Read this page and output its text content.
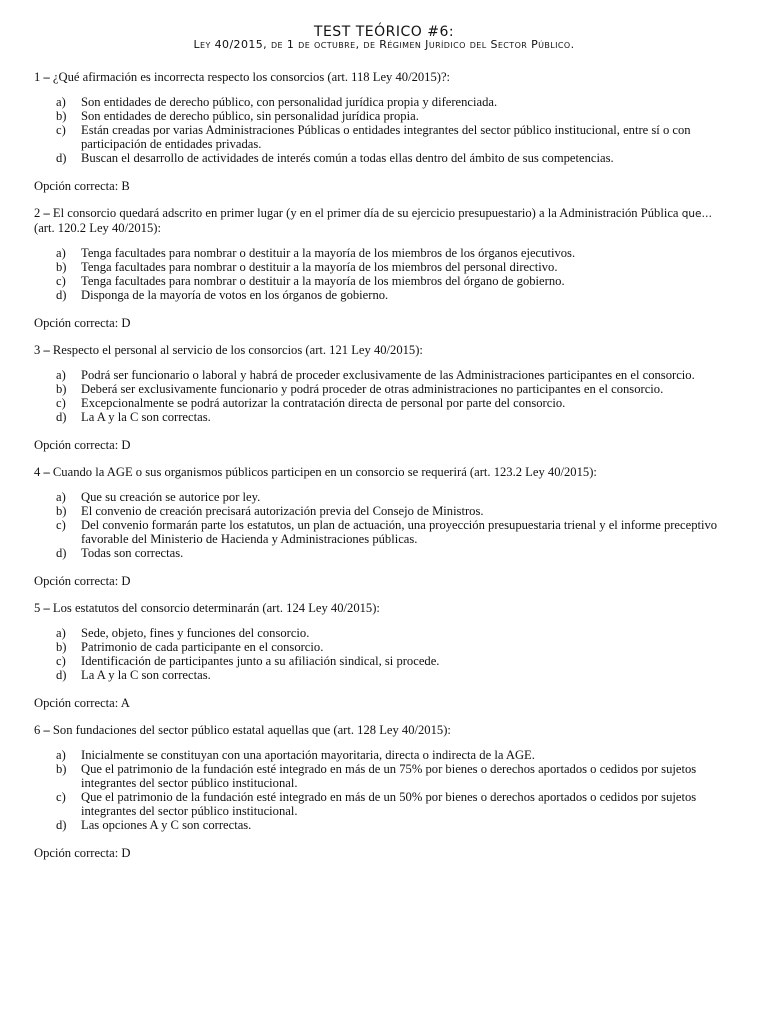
TEST TEÓRICO #6:
Ley 40/2015, de 1 de octubre, de Régimen Jurídico del Sector Público.

1 – ¿Qué afirmación es incorrecta respecto los consorcios (art. 118 Ley 40/2015)?:

a) Son entidades de derecho público, con personalidad jurídica propia y diferenciada.
b) Son entidades de derecho público, sin personalidad jurídica propia.
c) Están creadas por varias Administraciones Públicas o entidades integrantes del sector público institucional, entre sí o con participación de entidades privadas.
d) Buscan el desarrollo de actividades de interés común a todas ellas dentro del ámbito de sus competencias.

Opción correcta: B

2 – El consorcio quedará adscrito en primer lugar (y en el primer día de su ejercicio presupuestario) a la Administración Pública que…
(art. 120.2 Ley 40/2015):

a) Tenga facultades para nombrar o destituir a la mayoría de los miembros de los órganos ejecutivos.
b) Tenga facultades para nombrar o destituir a la mayoría de los miembros del personal directivo.
c) Tenga facultades para nombrar o destituir a la mayoría de los miembros del órgano de gobierno.
d) Disponga de la mayoría de votos en los órganos de gobierno.

Opción correcta: D

3 – Respecto el personal al servicio de los consorcios (art. 121 Ley 40/2015):

a) Podrá ser funcionario o laboral y habrá de proceder exclusivamente de las Administraciones participantes en el consorcio.
b) Deberá ser exclusivamente funcionario y podrá proceder de otras administraciones no participantes en el consorcio.
c) Excepcionalmente se podrá autorizar la contratación directa de personal por parte del consorcio.
d) La A y la C son correctas.

Opción correcta: D

4 – Cuando la AGE o sus organismos públicos participen en un consorcio se requerirá (art. 123.2 Ley 40/2015):

a) Que su creación se autorice por ley.
b) El convenio de creación precisará autorización previa del Consejo de Ministros.
c) Del convenio formarán parte los estatutos, un plan de actuación, una proyección presupuestaria trienal y el informe preceptivo favorable del Ministerio de Hacienda y Administraciones públicas.
d) Todas son correctas.

Opción correcta: D

5 – Los estatutos del consorcio determinarán (art. 124 Ley 40/2015):

a) Sede, objeto, fines y funciones del consorcio.
b) Patrimonio de cada participante en el consorcio.
c) Identificación de participantes junto a su afiliación sindical, si procede.
d) La A y la C son correctas.

Opción correcta: A

6 – Son fundaciones del sector público estatal aquellas que (art. 128 Ley 40/2015):

a) Inicialmente se constituyan con una aportación mayoritaria, directa o indirecta de la AGE.
b) Que el patrimonio de la fundación esté integrado en más de un 75% por bienes o derechos aportados o cedidos por sujetos integrantes del sector público institucional.
c) Que el patrimonio de la fundación esté integrado en más de un 50% por bienes o derechos aportados o cedidos por sujetos integrantes del sector público institucional.
d) Las opciones A y C son correctas.

Opción correcta: D
